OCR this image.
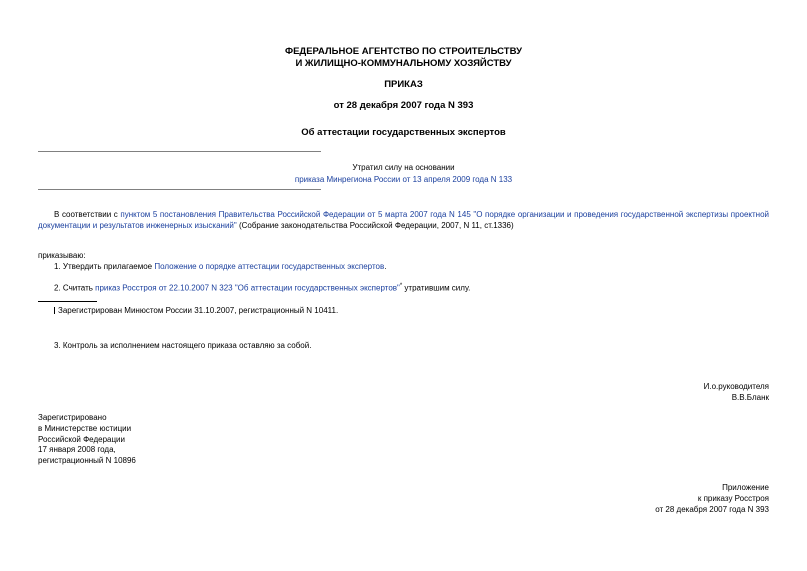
ФЕДЕРАЛЬНОЕ АГЕНТСТВО ПО СТРОИТЕЛЬСТВУ
И ЖИЛИЩНО-КОММУНАЛЬНОМУ ХОЗЯЙСТВУ
ПРИКАЗ
от 28 декабря 2007 года N 393
Об аттестации государственных экспертов
Утратил силу на основании
приказа Минрегиона России от 13 апреля 2009 года N 133

В соответствии с пунктом 5 постановления Правительства Российской Федерации от 5 марта 2007 года N 145 "О порядке организации и проведения государственной экспертизы проектной документации и результатов инженерных изысканий" (Собрание законодательства Российской Федерации, 2007, N 11, ст.1336)

приказываю:

1. Утвердить прилагаемое Положение о порядке аттестации государственных экспертов.

2. Считать приказ Росстроя от 22.10.2007 N 323 "Об аттестации государственных экспертов"* утратившим силу.

Зарегистрирован Минюстом России 31.10.2007, регистрационный N 10411.
3. Контроль за исполнением настоящего приказа оставляю за собой.
И.о.руководителя
В.В.Бланк
Зарегистрировано
в Министерстве юстиции
Российской Федерации
17 января 2008 года,
регистрационный N 10896
Приложение
к приказу Росстроя
от 28 декабря 2007 года N 393
